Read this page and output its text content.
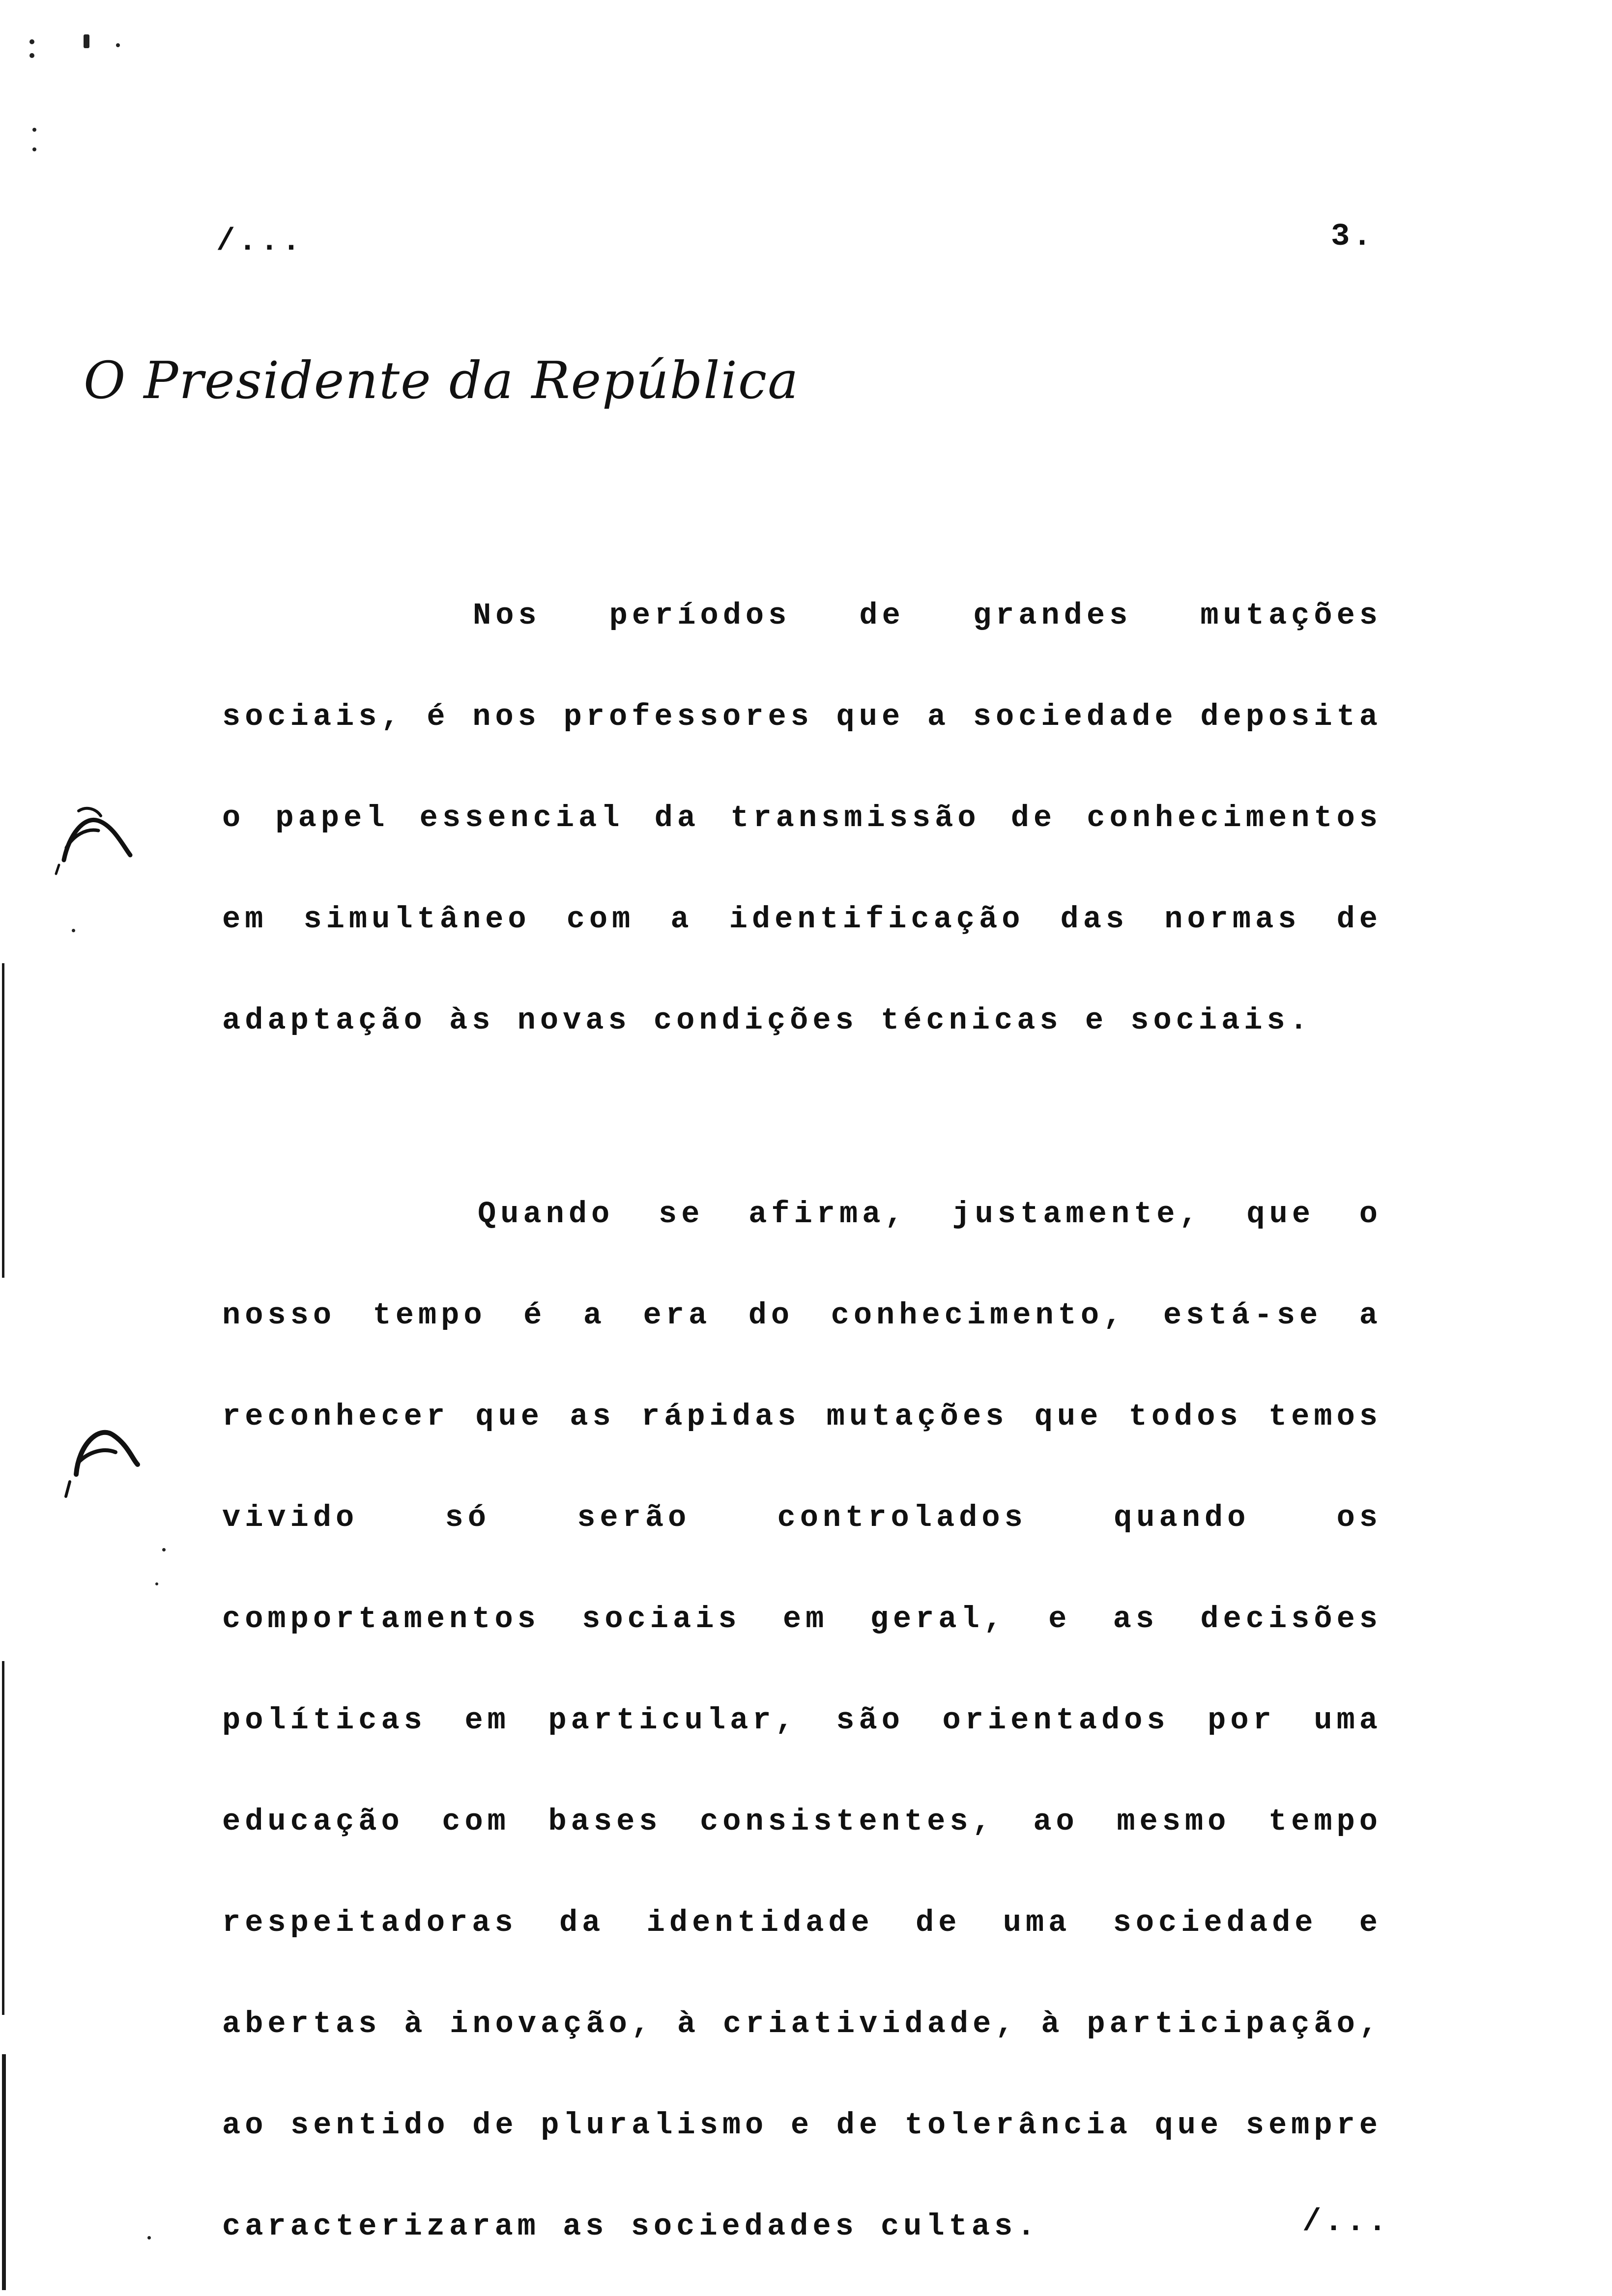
/...	3.
O Presidente da República
Nos períodos de grandes mutações sociais, é nos professores que a sociedade deposita o papel essencial da transmissão de conhecimentos em simultâneo com a identificação das normas de adaptação às novas condições técnicas e sociais.
Quando se afirma, justamente, que o nosso tempo é a era do conhecimento, está-se a reconhecer que as rápidas mutações que todos temos vivido só serão controlados quando os comportamentos sociais em geral, e as decisões políticas em particular, são orientados por uma educação com bases consistentes, ao mesmo tempo respeitadoras da identidade de uma sociedade e abertas à inovação, à criatividade, à participação, ao sentido de pluralismo e de tolerância que sempre caracterizaram as sociedades cultas.	/...
